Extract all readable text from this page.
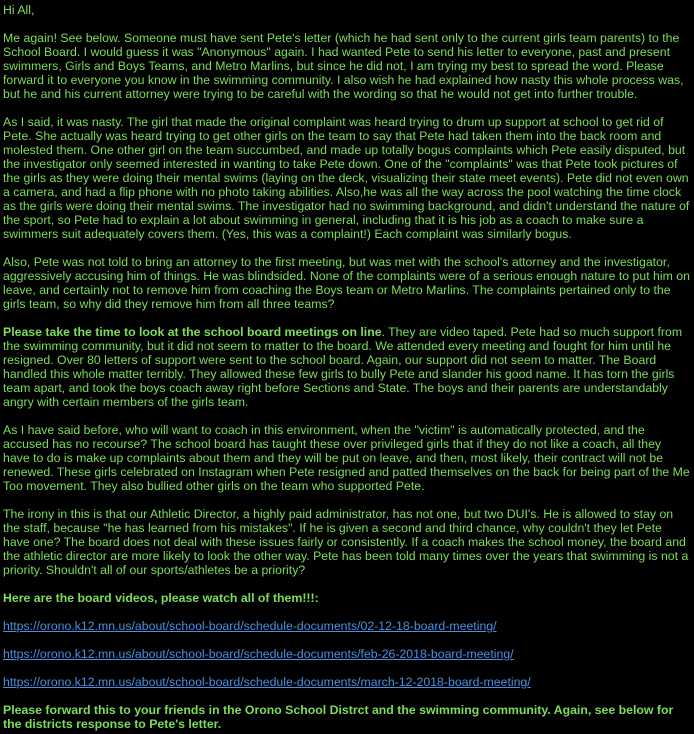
Hi All,

Me again! See below. Someone must have sent Pete's letter (which he had sent only to the current girls team parents) to the School Board. I would guess it was "Anonymous" again. I had wanted Pete to send his letter to everyone, past and present swimmers, Girls and Boys Teams, and Metro Marlins, but since he did not, I am trying my best to spread the word. Please forward it to everyone you know in the swimming community. I also wish he had explained how nasty this whole process was, but he and his current attorney were trying to be careful with the wording so that he would not get into further trouble.

As I said, it was nasty. The girl that made the original complaint was heard trying to drum up support at school to get rid of Pete. She actually was heard trying to get other girls on the team to say that Pete had taken them into the back room and molested them. One other girl on the team succumbed, and made up totally bogus complaints which Pete easily disputed, but the investigator only seemed interested in wanting to take Pete down. One of the "complaints" was that Pete took pictures of the girls as they were doing their mental swims (laying on the deck, visualizing their state meet events). Pete did not even own a camera, and had a flip phone with no photo taking abilities. Also,he was all the way across the pool watching the time clock as the girls were doing their mental swims. The investigator had no swimming background, and didn't understand the nature of the sport, so Pete had to explain a lot about swimming in general, including that it is his job as a coach to make sure a swimmers suit adequately covers them. (Yes, this was a complaint!) Each complaint was similarly bogus.

Also, Pete was not told to bring an attorney to the first meeting, but was met with the school's attorney and the investigator, aggressively accusing him of things. He was blindsided. None of the complaints were of a serious enough nature to put him on leave, and certainly not to remove him from coaching the Boys team or Metro Marlins. The complaints pertained only to the girls team, so why did they remove him from all three teams?

Please take the time to look at the school board meetings on line. They are video taped. Pete had so much support from the swimming community, but it did not seem to matter to the board. We attended every meeting and fought for him until he resigned. Over 80 letters of support were sent to the school board. Again, our support did not seem to matter. The Board handled this whole matter terribly. They allowed these few girls to bully Pete and slander his good name. It has torn the girls team apart, and took the boys coach away right before Sections and State. The boys and their parents are understandably angry with certain members of the girls team.

As I have said before, who will want to coach in this environment, when the "victim" is automatically protected, and the accused has no recourse? The school board has taught these over privileged girls that if they do not like a coach, all they have to do is make up complaints about them and they will be put on leave, and then, most likely, their contract will not be renewed. These girls celebrated on Instagram when Pete resigned and patted themselves on the back for being part of the Me Too movement. They also bullied other girls on the team who supported Pete.

The irony in this is that our Athletic Director, a highly paid administrator, has not one, but two DUI's. He is allowed to stay on the staff, because "he has learned from his mistakes". If he is given a second and third chance, why couldn't they let Pete have one? The board does not deal with these issues fairly or consistently. If a coach makes the school money, the board and the athletic director are more likely to look the other way. Pete has been told many times over the years that swimming is not a priority. Shouldn't all of our sports/athletes be a priority?

Here are the board videos, please watch all of them!!!:

https://orono.k12.mn.us/about/school-board/schedule-documents/02-12-18-board-meeting/

https://orono.k12.mn.us/about/school-board/schedule-documents/feb-26-2018-board-meeting/

https://orono.k12.mn.us/about/school-board/schedule-documents/march-12-2018-board-meeting/

Please forward this to your friends in the Orono School Distrct and the swimming community. Again, see below for the districts response to Pete's letter.
